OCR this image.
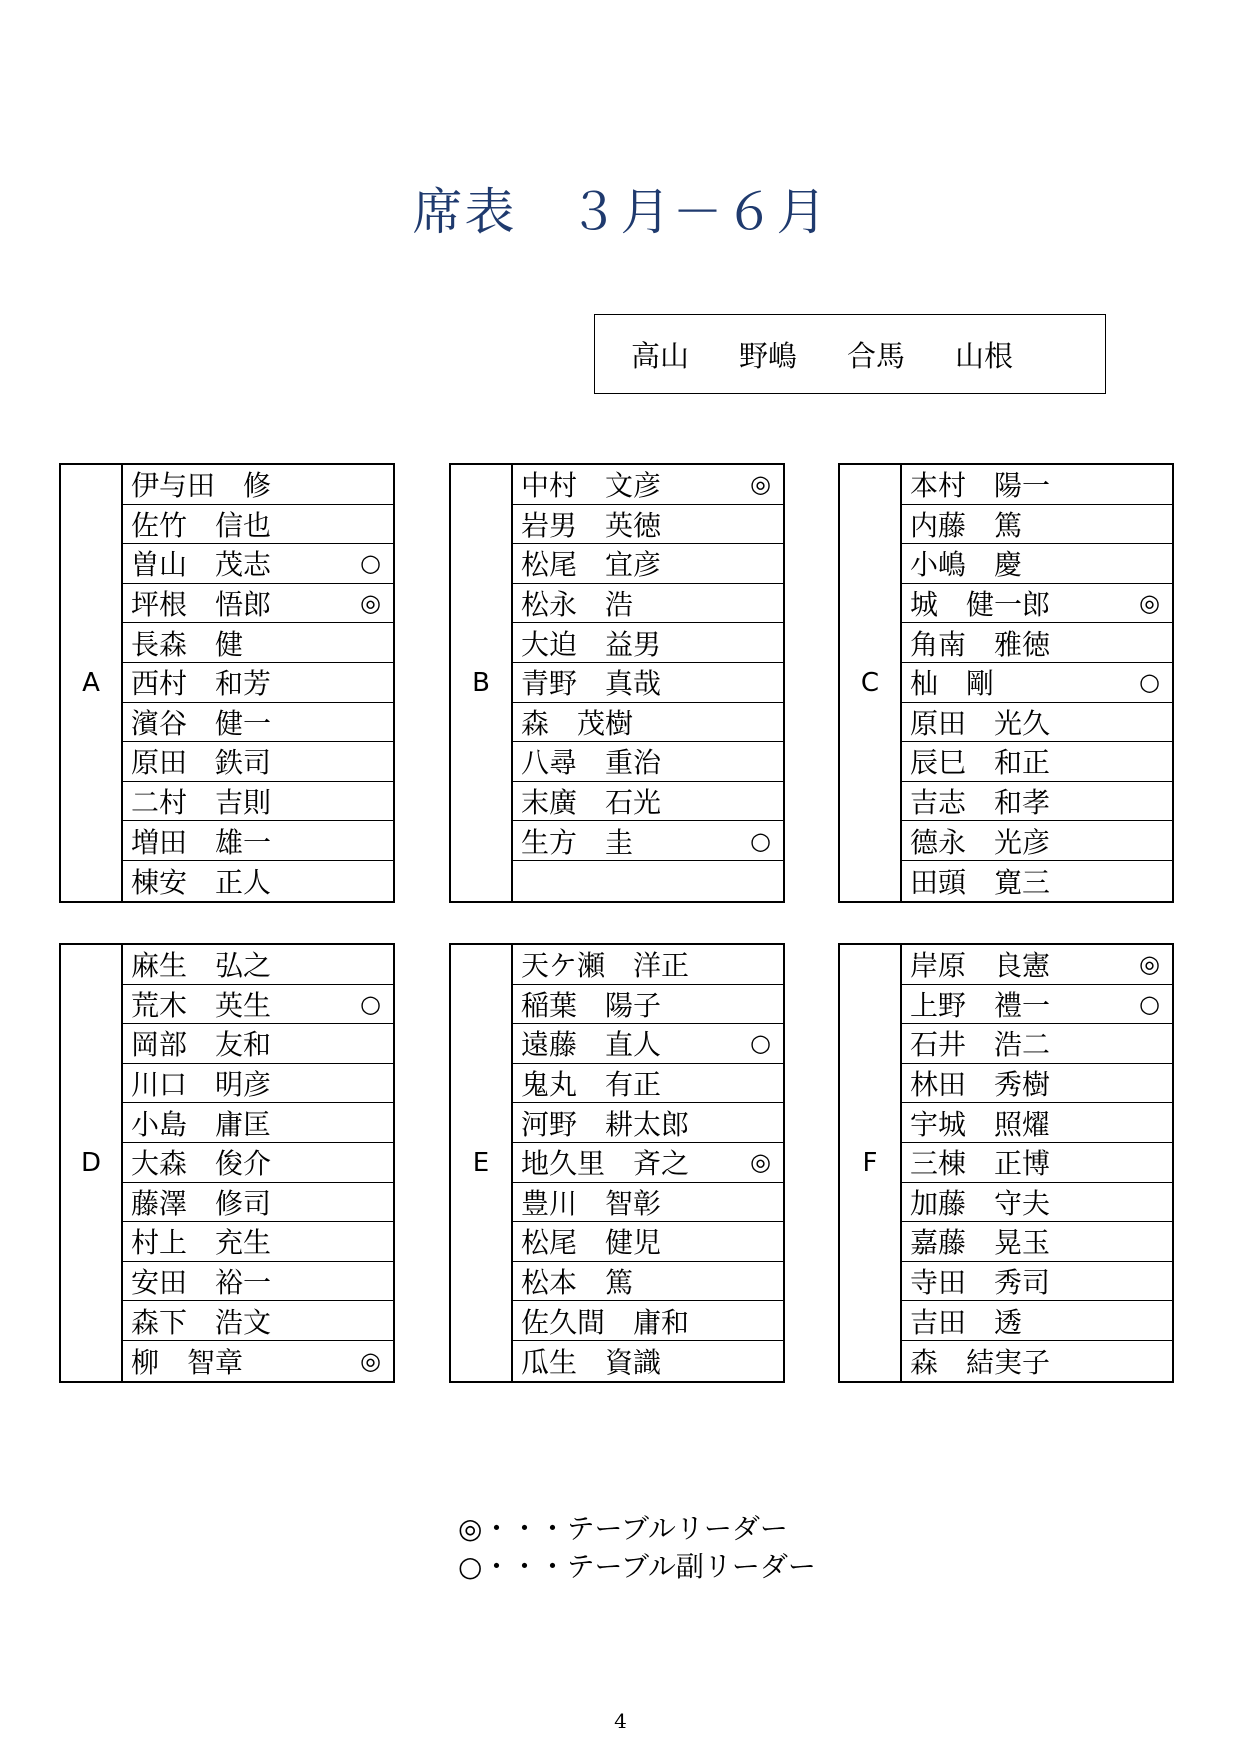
席表　３月－６月
高山 野嶋 合馬 山根
A
伊与田　修
佐竹　信也
曽山　茂志	○
坪根　悟郎	◎
長森　健
西村　和芳
濱谷　健一
原田　鉄司
二村　吉則
増田　雄一
棟安　正人
B
中村　文彦	◎
岩男　英徳
松尾　宜彦
松永　浩
大迫　益男
青野　真哉
森　茂樹
八尋　重治
末廣　石光
生方　圭	○
C
本村　陽一
内藤　篤
小嶋　慶
城　健一郎	◎
角南　雅徳
杣　剛	○
原田　光久
辰巳　和正
吉志　和孝
德永　光彦
田頭　寛三
D
麻生　弘之
荒木　英生	○
岡部　友和
川口　明彦
小島　庸匡
大森　俊介
藤澤　修司
村上　充生
安田　裕一
森下　浩文
柳　智章	◎
E
天ケ瀬　洋正
稲葉　陽子
遠藤　直人	○
鬼丸　有正
河野　耕太郎
地久里　斉之	◎
豊川　智彰
松尾　健児
松本　篤
佐久間　庸和
瓜生　資識
F
岸原　良憲	◎
上野　禮一	○
石井　浩二
林田　秀樹
宇城　照燿
三棟　正博
加藤　守夫
嘉藤　晃玉
寺田　秀司
吉田　透
森　結実子
◎ ・・・テーブルリーダー
○ ・・・テーブル副リーダー
4
